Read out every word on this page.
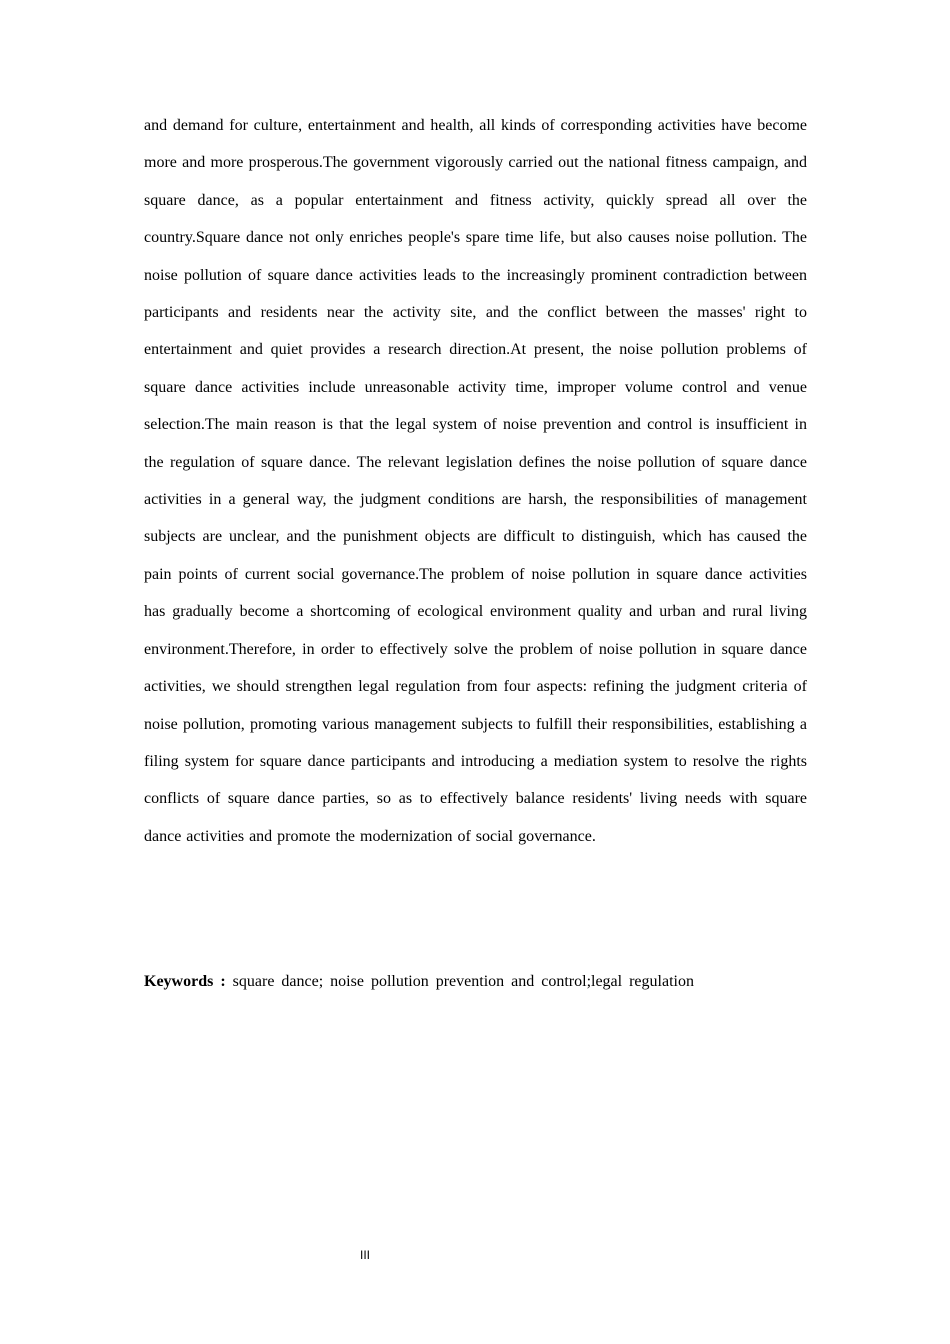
and demand for culture, entertainment and health, all kinds of corresponding activities have become more and more prosperous.The government vigorously carried out the national fitness campaign, and square dance, as a popular entertainment and fitness activity, quickly spread all over the country.Square dance not only enriches people's spare time life, but also causes noise pollution. The noise pollution of square dance activities leads to the increasingly prominent contradiction between participants and residents near the activity site, and the conflict between the masses' right to entertainment and quiet provides a research direction.At present, the noise pollution problems of square dance activities include unreasonable activity time, improper volume control and venue selection.The main reason is that the legal system of noise prevention and control is insufficient in the regulation of square dance. The relevant legislation defines the noise pollution of square dance activities in a general way, the judgment conditions are harsh, the responsibilities of management subjects are unclear, and the punishment objects are difficult to distinguish, which has caused the pain points of current social governance.The problem of noise pollution in square dance activities has gradually become a shortcoming of ecological environment quality and urban and rural living environment.Therefore, in order to effectively solve the problem of noise pollution in square dance activities, we should strengthen legal regulation from four aspects: refining the judgment criteria of noise pollution, promoting various management subjects to fulfill their responsibilities, establishing a filing system for square dance participants and introducing a mediation system to resolve the rights conflicts of square dance parties, so as to effectively balance residents' living needs with square dance activities and promote the modernization of social governance.

Keywords : square dance; noise pollution prevention and control;legal regulation

III
